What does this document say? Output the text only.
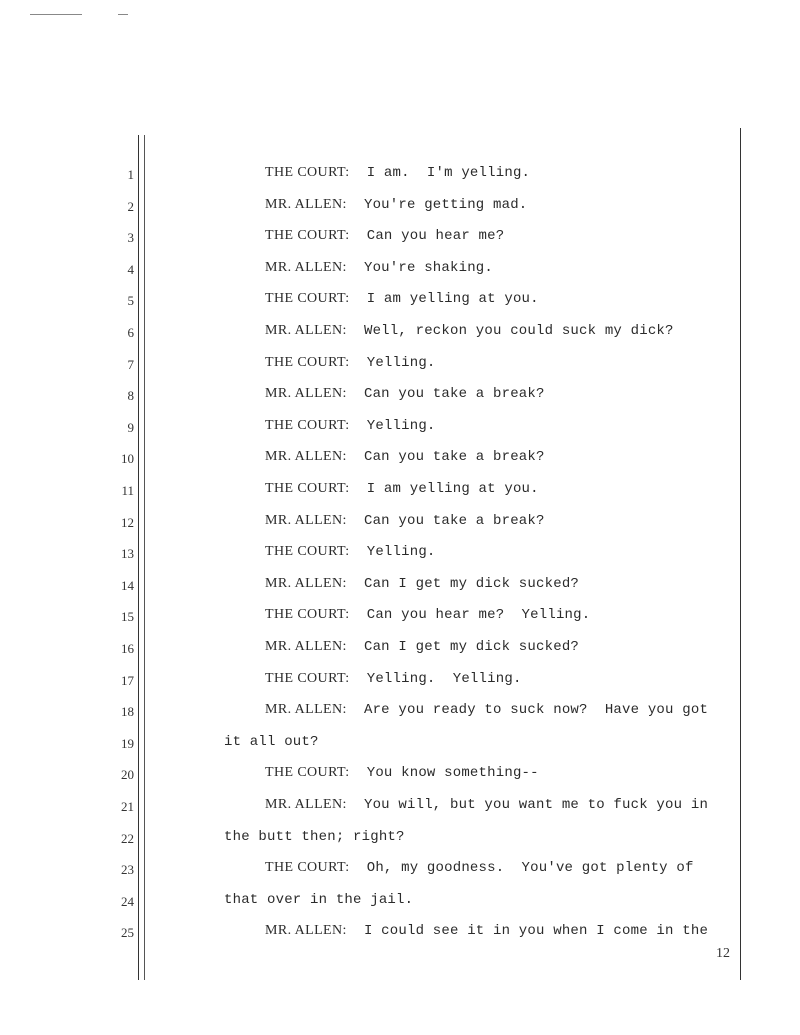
1	THE COURT: I am.  I'm yelling.
2	MR. ALLEN: You're getting mad.
3	THE COURT: Can you hear me?
4	MR. ALLEN: You're shaking.
5	THE COURT: I am yelling at you.
6	MR. ALLEN: Well, reckon you could suck my dick?
7	THE COURT: Yelling.
8	MR. ALLEN: Can you take a break?
9	THE COURT: Yelling.
10	MR. ALLEN: Can you take a break?
11	THE COURT: I am yelling at you.
12	MR. ALLEN: Can you take a break?
13	THE COURT: Yelling.
14	MR. ALLEN: Can I get my dick sucked?
15	THE COURT: Can you hear me?  Yelling.
16	MR. ALLEN: Can I get my dick sucked?
17	THE COURT: Yelling.  Yelling.
18	MR. ALLEN: Are you ready to suck now?  Have you got
19	it all out?
20	THE COURT: You know something--
21	MR. ALLEN: You will, but you want me to fuck you in
22	the butt then; right?
23	THE COURT: Oh, my goodness.  You've got plenty of
24	that over in the jail.
25	MR. ALLEN: I could see it in you when I come in the
12
